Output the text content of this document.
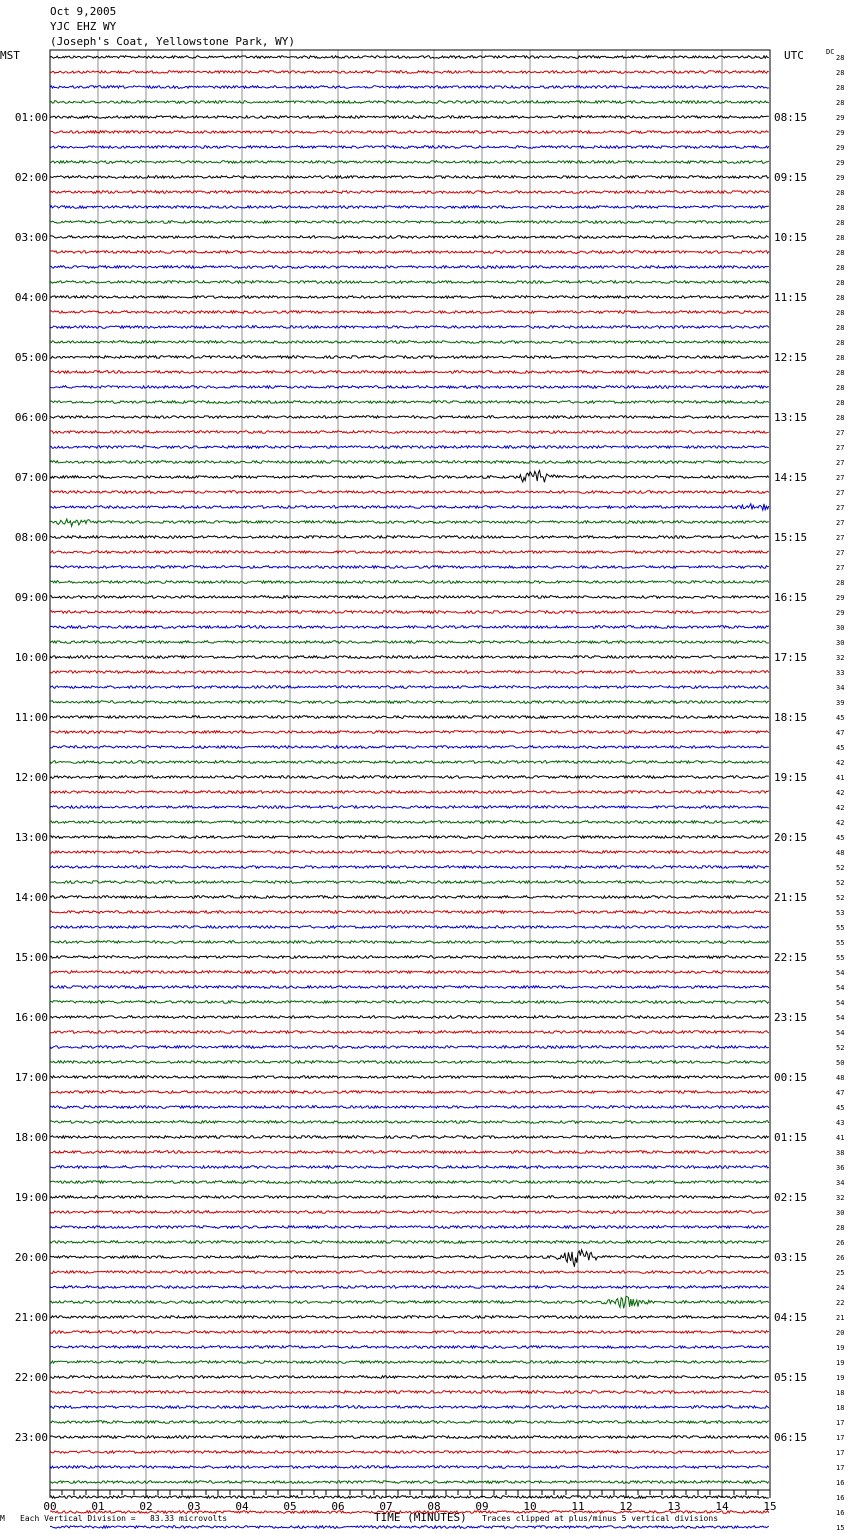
Oct 9,2005
YJC EHZ WY
(Joseph's Coat, Yellowstone Park, WY)
MST	UTC	DC
01:00
02:00
03:00
04:00
05:00
06:00
07:00
08:00
09:00
10:00
11:00
12:00
13:00
14:00
15:00
16:00
17:00
18:00
19:00
20:00
21:00
22:00
23:00
08:15
09:15
10:15
11:15
12:15
13:15
14:15
15:15
16:15
17:15
18:15
19:15
20:15
21:15
22:15
23:15
00:15
01:15
02:15
03:15
04:15
05:15
06:15
28
28
28
28
29
29
29
29
29
28
28
28
28
28
28
28
28
28
28
28
28
28
28
28
28
27
27
27
27
27
27
27
27
27
27
28
29
29
30
30
32
33
34
39
45
47
45
42
41
42
42
42
45
48
52
52
52
53
55
55
55
54
54
54
54
54
52
50
48
47
45
43
41
38
36
34
32
30
28
26
26
25
24
22
21
20
19
19
19
18
18
17
17
17
17
16
16
16
15
00	01	02	03	04	05	06	07	08	09	10	11	12	13	14	15
M Each Vertical Division =   83.33 microvolts	TIME (MINUTES) Traces clipped at plus/minus 5 vertical divisions
